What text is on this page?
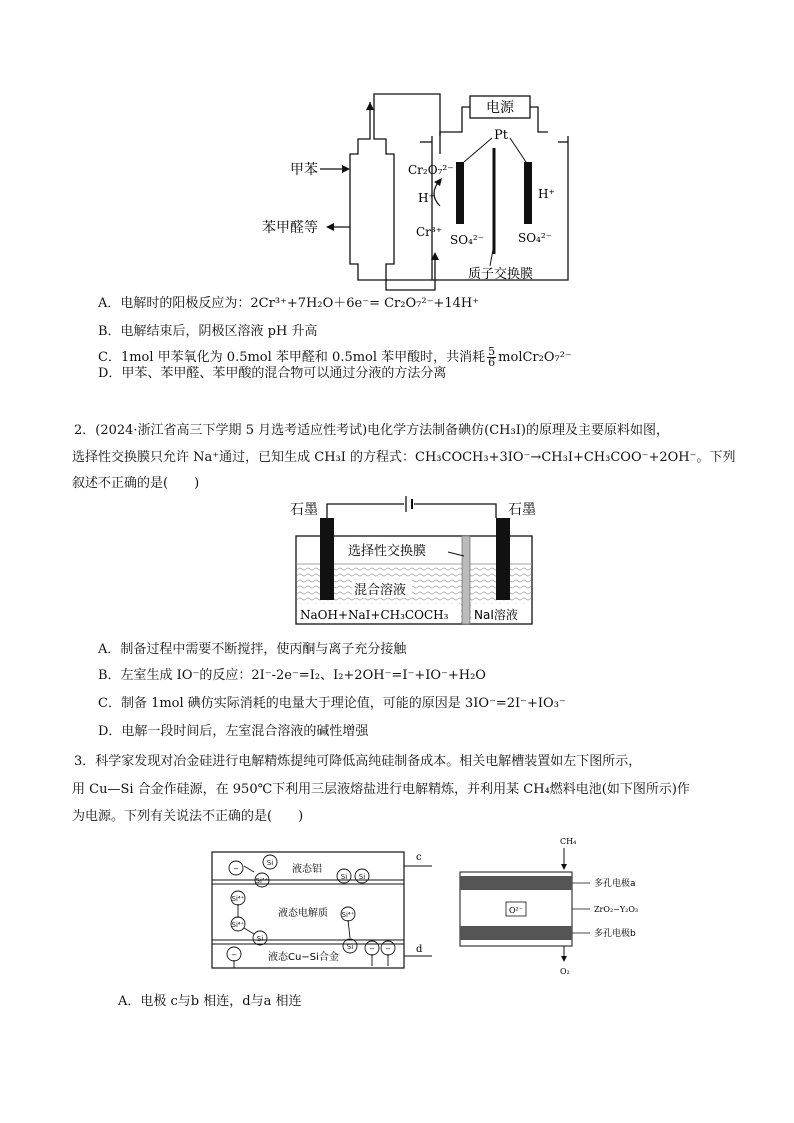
电源
Pt
质子交换膜
甲苯
苯甲醛等
Cr₂O₇²⁻
H⁺
Cr³⁺
SO₄²⁻
H⁺
SO₄²⁻
A．电解时的阳极反应为：2Cr³⁺+7H₂O＋6e⁻= Cr₂O₇²⁻+14H⁺
B．电解结束后，阴极区溶液 pH 升高
C．1mol 甲苯氧化为 0.5mol 苯甲醛和 0.5mol 苯甲酸时，共消耗 $\frac{5}{6}$ molCr₂O₇²⁻
D．甲苯、苯甲醛、苯甲酸的混合物可以通过分液的方法分离
2．(2024·浙江省高三下学期 5 月选考适应性考试)电化学方法制备碘仿(CH₃I)的原理及主要原料如图，
选择性交换膜只允许 Na⁺通过，已知生成 CH₃I 的方程式：CH₃COCH₃+3IO⁻→CH₃I+CH₃COO⁻+2OH⁻。下列
叙述不正确的是(　　)
石墨	石墨
选择性交换膜
混合溶液
NaOH+NaI+CH₃COCH₃ NaI溶液
A．制备过程中需要不断搅拌，使丙酮与离子充分接触
B．左室生成 IO⁻的反应：2I⁻-2e⁻=I₂、I₂+2OH⁻=I⁻+IO⁻+H₂O
C．制备 1mol 碘仿实际消耗的电量大于理论值，可能的原因是 3IO⁻=2I⁻+IO₃⁻
D．电解一段时间后，左室混合溶液的碱性增强
3．科学家发现对冶金硅进行电解精炼提纯可降低高纯硅制备成本。相关电解槽装置如左下图所示，
用 Cu—Si 合金作硅源，在 950℃下利用三层液熔盐进行电解精炼，并利用某 CH₄燃料电池(如下图所示)作
为电源。下列有关说法不正确的是(　　)
c
d
液态铝
液态电解质
液态Cu−Si合金
−
Si
Si⁴⁺	Si Si
Si⁴⁺
Si⁴⁺
Si⁴⁺
Si
Si − −
−
CH₄
O²⁻
O₂
多孔电极a
ZrO₂−Y₂O₃
多孔电极b
A．电极 c与b 相连，d与a 相连
